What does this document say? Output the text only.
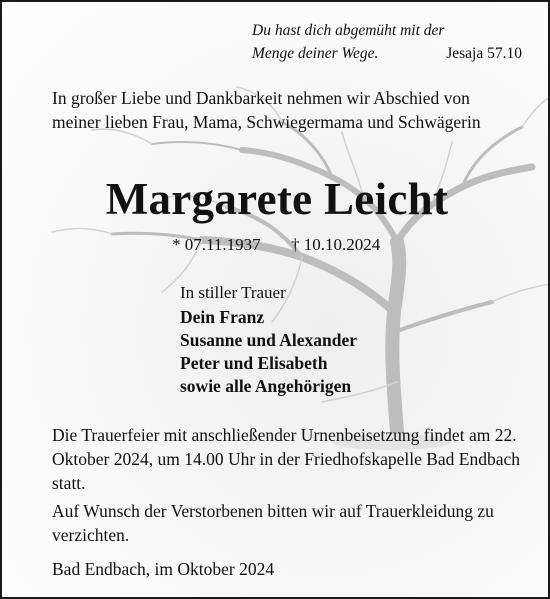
Du hast dich abgemüht mit der
Menge deiner Wege.	Jesaja 57.10

In großer Liebe und Dankbarkeit nehmen wir Abschied von meiner lieben Frau, Mama, Schwiegermama und Schwägerin

Margarete Leicht

* 07.11.1937 † 10.10.2024

In stiller Trauer

Dein Franz
Susanne und Alexander
Peter und Elisabeth
sowie alle Angehörigen

Die Trauerfeier mit anschließender Urnenbeisetzung findet am 22. Oktober 2024, um 14.00 Uhr in der Friedhofskapelle Bad Endbach statt.

Auf Wunsch der Verstorbenen bitten wir auf Trauerkleidung zu verzichten.

Bad Endbach, im Oktober 2024
